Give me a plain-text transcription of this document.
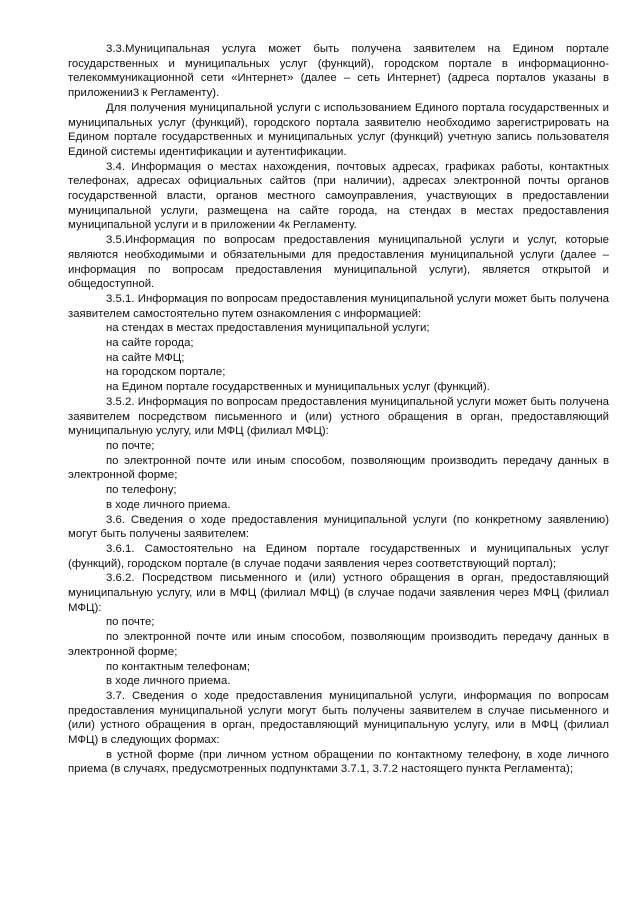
3.3.Муниципальная услуга может быть получена заявителем на Едином портале государственных и муниципальных услуг (функций), городском портале в информационно-телекоммуникационной сети «Интернет» (далее – сеть Интернет) (адреса порталов указаны в приложении3 к Регламенту).

Для получения муниципальной услуги с использованием Единого портала государственных и муниципальных услуг (функций), городского портала заявителю необходимо зарегистрировать на Едином портале государственных и муниципальных услуг (функций) учетную запись пользователя Единой системы идентификации и аутентификации.

3.4. Информация о местах нахождения, почтовых адресах, графиках работы, контактных телефонах, адресах официальных сайтов (при наличии), адресах электронной почты органов государственной власти, органов местного самоуправления, участвующих в предоставлении муниципальной услуги, размещена на сайте города, на стендах в местах предоставления муниципальной услуги и в приложении 4к Регламенту.

3.5.Информация по вопросам предоставления муниципальной услуги и услуг, которые являются необходимыми и обязательными для предоставления муниципальной услуги (далее – информация по вопросам предоставления муниципальной услуги), является открытой и общедоступной.

3.5.1. Информация по вопросам предоставления муниципальной услуги может быть получена заявителем самостоятельно путем ознакомления с информацией:

на стендах в местах предоставления муниципальной услуги;

на сайте города;

на сайте МФЦ;

на городском портале;

на Едином портале государственных и муниципальных услуг (функций).

3.5.2. Информация по вопросам предоставления муниципальной услуги может быть получена заявителем посредством письменного и (или) устного обращения в орган, предоставляющий муниципальную услугу, или МФЦ (филиал МФЦ):

по почте;

по электронной почте или иным способом, позволяющим производить передачу данных в электронной форме;

по телефону;

в ходе личного приема.

3.6. Сведения о ходе предоставления муниципальной услуги (по конкретному заявлению) могут быть получены заявителем:

3.6.1. Самостоятельно на Едином портале государственных и муниципальных услуг (функций), городском портале (в случае подачи заявления через соответствующий портал);

3.6.2. Посредством письменного и (или) устного обращения в орган, предоставляющий муниципальную услугу, или в МФЦ (филиал МФЦ) (в случае подачи заявления через МФЦ (филиал МФЦ):

по почте;

по электронной почте или иным способом, позволяющим производить передачу данных в электронной форме;

по контактным телефонам;

в ходе личного приема.

3.7. Сведения о ходе предоставления муниципальной услуги, информация по вопросам предоставления муниципальной услуги могут быть получены заявителем в случае письменного и (или) устного обращения в орган, предоставляющий муниципальную услугу, или в МФЦ (филиал МФЦ) в следующих формах:

в устной форме (при личном устном обращении по контактному телефону, в ходе личного приема (в случаях, предусмотренных подпунктами 3.7.1, 3.7.2 настоящего пункта Регламента);
